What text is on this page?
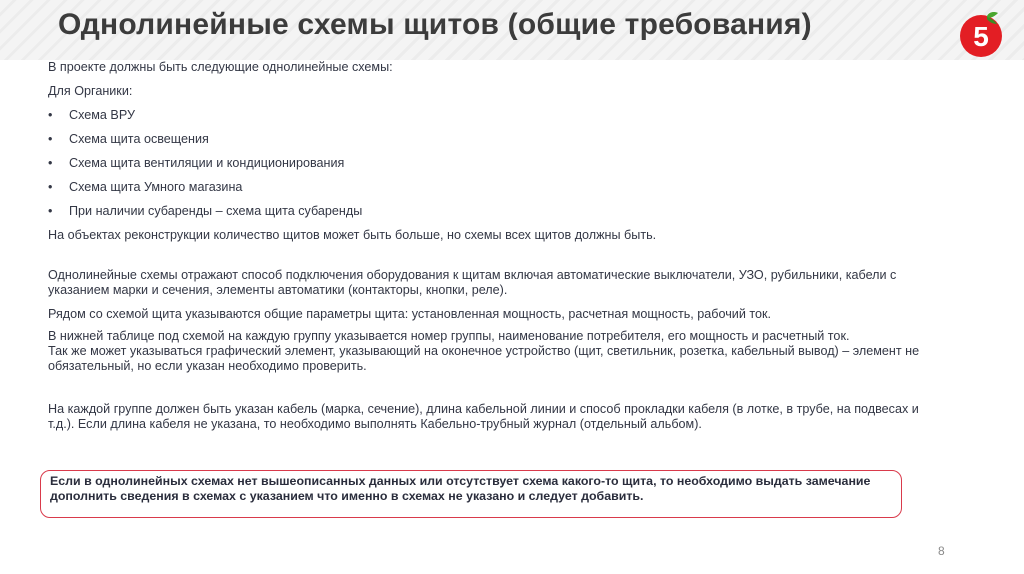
Однолинейные схемы щитов (общие требования)	5

В проекте должны быть следующие однолинейные схемы:

Для Органики:

•	Схема ВРУ
•	Схема щита освещения
•	Схема щита вентиляции и кондиционирования
•	Схема щита Умного магазина
•	При наличии субаренды – схема щита субаренды

На объектах реконструкции количество щитов может быть больше, но схемы всех щитов должны быть.

Однолинейные схемы отражают способ подключения оборудования к щитам включая автоматические выключатели, УЗО, рубильники, кабели с указанием марки и сечения, элементы автоматики (контакторы, кнопки, реле).

Рядом со схемой щита указываются общие параметры щита: установленная мощность, расчетная мощность, рабочий ток.

В нижней таблице под схемой на каждую группу указывается номер группы, наименование потребителя, его мощность и расчетный ток.

Так же может указываться графический элемент, указывающий на оконечное устройство (щит, светильник, розетка, кабельный вывод) – элемент не обязательный, но если указан необходимо проверить.

На каждой группе должен быть указан кабель (марка, сечение), длина кабельной линии и способ прокладки кабеля (в лотке, в трубе, на подвесах и т.д.). Если длина кабеля не указана, то необходимо выполнять Кабельно-трубный журнал (отдельный альбом).

Если в однолинейных схемах нет вышеописанных данных или отсутствует схема какого-то щита, то необходимо выдать замечание дополнить сведения в схемах с указанием что именно в схемах не указано и следует добавить.
8
